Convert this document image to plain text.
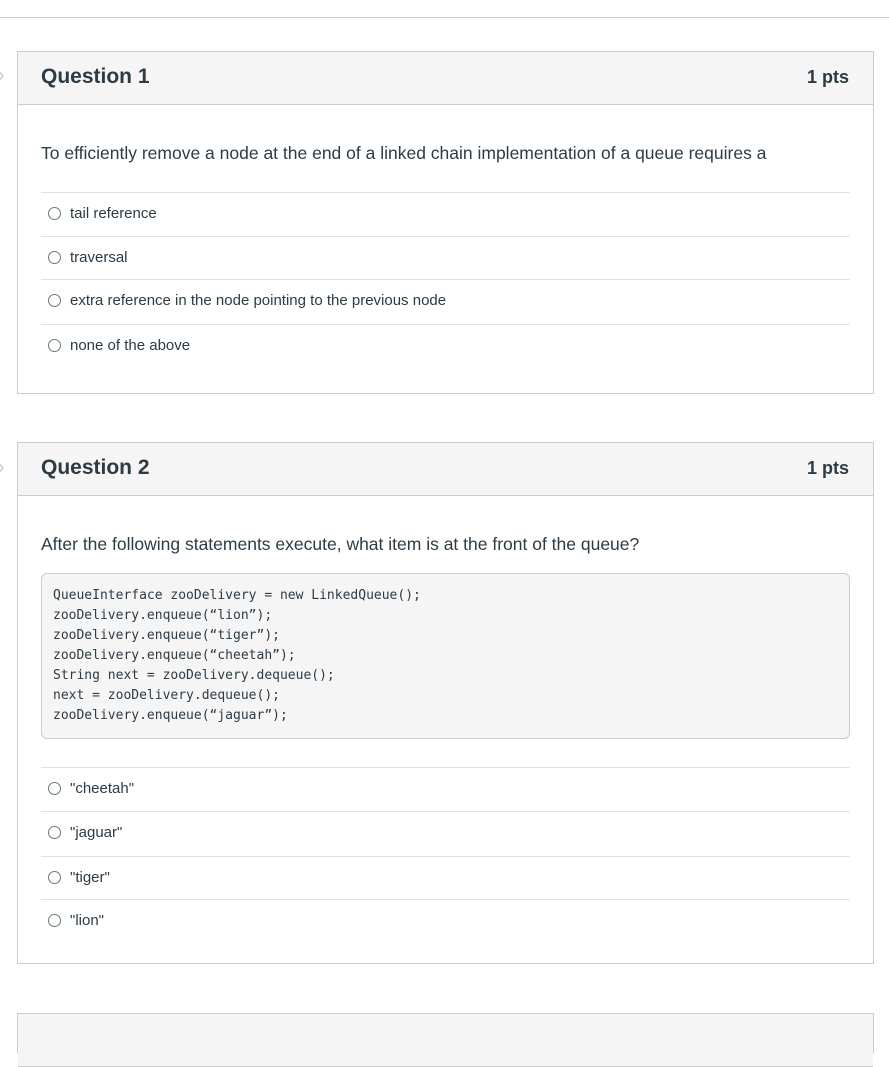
Question 1	1 pts

To efficiently remove a node at the end of a linked chain implementation of a queue requires a

tail reference
traversal
extra reference in the node pointing to the previous node
none of the above
Question 2	1 pts

After the following statements execute, what item is at the front of the queue?

QueueInterface zooDelivery = new LinkedQueue();
zooDelivery.enqueue(“lion”);
zooDelivery.enqueue(“tiger”);
zooDelivery.enqueue(“cheetah”);
String next = zooDelivery.dequeue();
next = zooDelivery.dequeue();
zooDelivery.enqueue(“jaguar”);
"cheetah"
"jaguar"
"tiger"
"lion"
